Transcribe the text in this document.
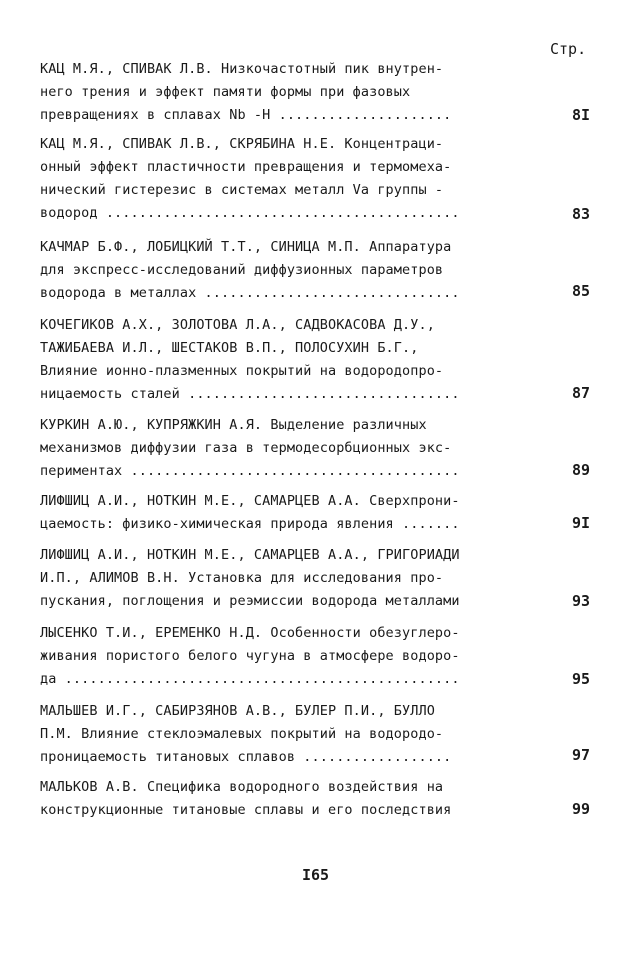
Стр.
КАЦ М.Я., СПИВАК Л.В. Низкочастотный пик внутрен-
него трения и эффект памяти формы при фазовых
превращениях в сплавах Nb -H .....................	8I
КАЦ М.Я., СПИВАК Л.В., СКРЯБИНА Н.Е. Концентраци-
онный эффект пластичности превращения и термомеха-
нический гистерезис в системах металл Va группы -
водород ...........................................	83
КАЧМАР Б.Ф., ЛОБИЦКИЙ Т.Т., СИНИЦА М.П. Аппаратура
для экспресс-исследований диффузионных параметров
водорода в металлах ...............................	85
КОЧЕГИКОВ А.Х., ЗОЛОТОВА Л.А., САДВОКАСОВА Д.У.,
ТАЖИБАЕВА И.Л., ШЕСТАКОВ В.П., ПОЛОСУХИН Б.Г.,
Влияние ионно-плазменных покрытий на водородопро-
ницаемость сталей .................................	87
КУРКИН А.Ю., КУПРЯЖКИН А.Я. Выделение различных
механизмов диффузии газа в термодесорбционных экс-
периментах ........................................	89
ЛИФШИЦ А.И., НОТКИН М.Е., САМАРЦЕВ А.А. Сверхпрони-
цаемость: физико-химическая природа явления .......	9I
ЛИФШИЦ А.И., НОТКИН М.Е., САМАРЦЕВ А.А., ГРИГОРИАДИ
И.П., АЛИМОВ В.Н. Установка для исследования про-
пускания, поглощения и реэмиссии водорода металлами	93
ЛЫСЕНКО Т.И., ЕРЕМЕНКО Н.Д. Особенности обезуглеро-
живания пористого белого чугуна в атмосфере водоро-
да ................................................	95
МАЛЬШЕВ И.Г., САБИРЗЯНОВ А.В., БУЛЕР П.И., БУЛЛО
П.М. Влияние стеклоэмалевых покрытий на водородо-
проницаемость титановых сплавов ..................	97
МАЛЬКОВ А.В. Специфика водородного воздействия на
конструкционные титановые сплавы и его последствия	99
I65
